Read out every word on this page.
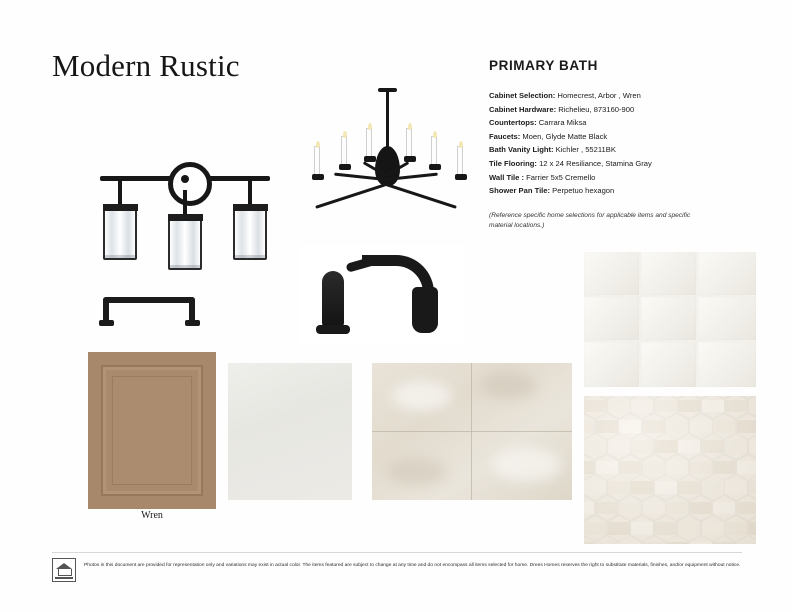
Modern Rustic	PRIMARY BATH
Cabinet Selection: Homecrest, Arbor , Wren
Cabinet Hardware: Richelieu, 873160-900
Countertops: Carrara Miksa
Faucets: Moen, Glyde Matte Black
Bath Vanity Light: Kichler , 55211BK
Tile Flooring: 12 x 24 Resiliance, Stamina Gray
Wall Tile : Farrier 5x5 Cremello
Shower Pan Tile: Perpetuo hexagon
(Reference specific home selections for applicable items and specific material locations.)
Wren
Photos in this document are provided for representation only and variations may exist in actual color. The items featured are subject to change at any time and do not encompass all items selected for home. Drees Homes reserves the right to substitute materials, finishes, and/or equipment without notice.
